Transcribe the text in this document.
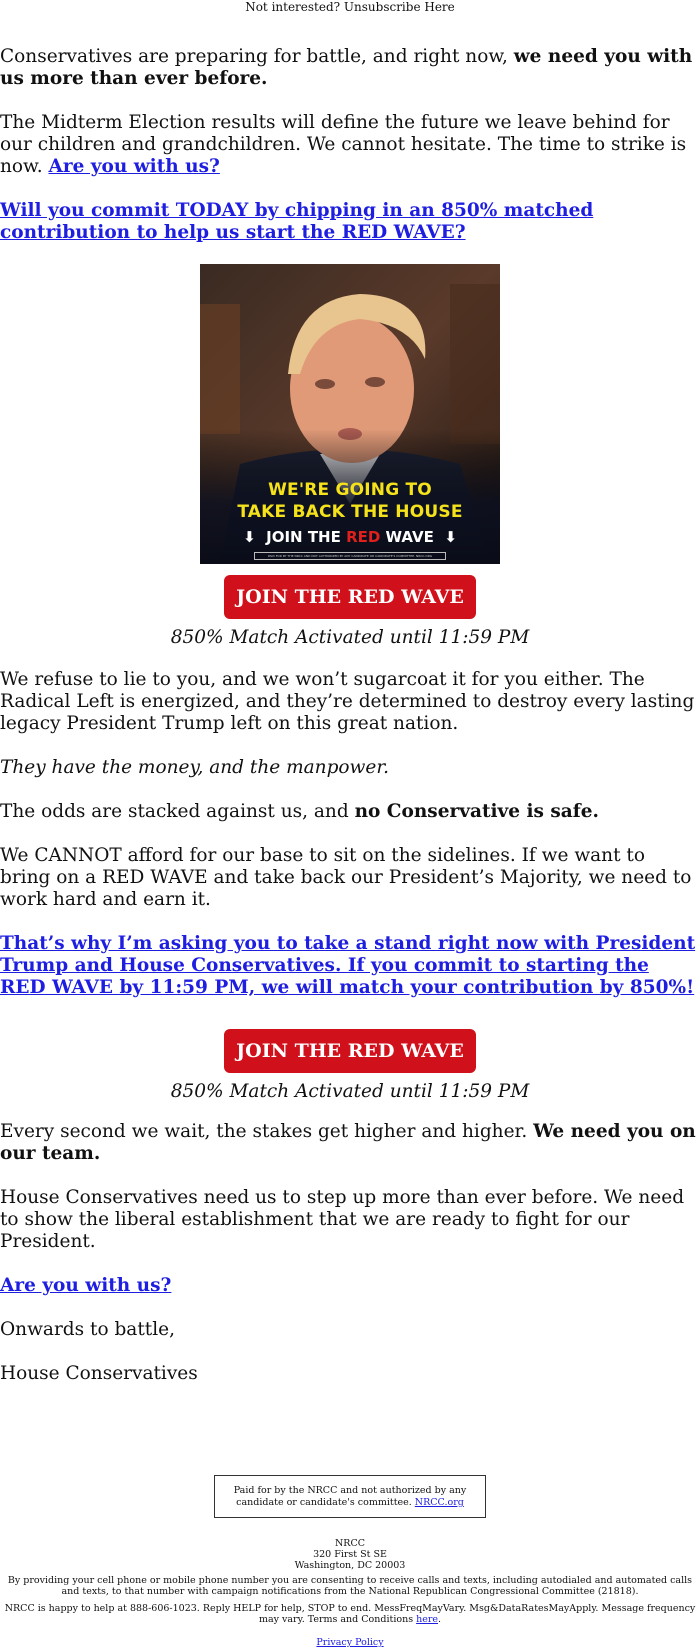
Not interested? Unsubscribe Here

Conservatives are preparing for battle, and right now, we need you with us more than ever before.

The Midterm Election results will define the future we leave behind for our children and grandchildren. We cannot hesitate. The time to strike is now. Are you with us?

Will you commit TODAY by chipping in an 850% matched contribution to help us start the RED WAVE?

WE'RE GOING TO
TAKE BACK THE HOUSE
⬇ JOIN THE RED WAVE ⬇
PAID FOR BY THE NRCC AND NOT AUTHORIZED BY ANY CANDIDATE OR CANDIDATE'S COMMITTEE. NRCC.ORG
JOIN THE RED WAVE
850% Match Activated until 11:59 PM

We refuse to lie to you, and we won’t sugarcoat it for you either. The Radical Left is energized, and they’re determined to destroy every lasting legacy President Trump left on this great nation.

They have the money, and the manpower.

The odds are stacked against us, and no Conservative is safe.

We CANNOT afford for our base to sit on the sidelines. If we want to bring on a RED WAVE and take back our President’s Majority, we need to work hard and earn it.

That’s why I’m asking you to take a stand right now with President Trump and House Conservatives. If you commit to starting the RED WAVE by 11:59 PM, we will match your contribution by 850%!

JOIN THE RED WAVE
850% Match Activated until 11:59 PM

Every second we wait, the stakes get higher and higher. We need you on our team.

House Conservatives need us to step up more than ever before. We need to show the liberal establishment that we are ready to fight for our President.

Are you with us?

Onwards to battle,

House Conservatives

Paid for by the NRCC and not authorized by any candidate or candidate's committee. NRCC.org
NRCC
320 First St SE
Washington, DC 20003
By providing your cell phone or mobile phone number you are consenting to receive calls and texts, including autodialed and automated calls and texts, to that number with campaign notifications from the National Republican Congressional Committee (21818).
NRCC is happy to help at 888-606-1023. Reply HELP for help, STOP to end. MessFreqMayVary. Msg&DataRatesMayApply. Message frequency may vary. Terms and Conditions here.
Privacy Policy
